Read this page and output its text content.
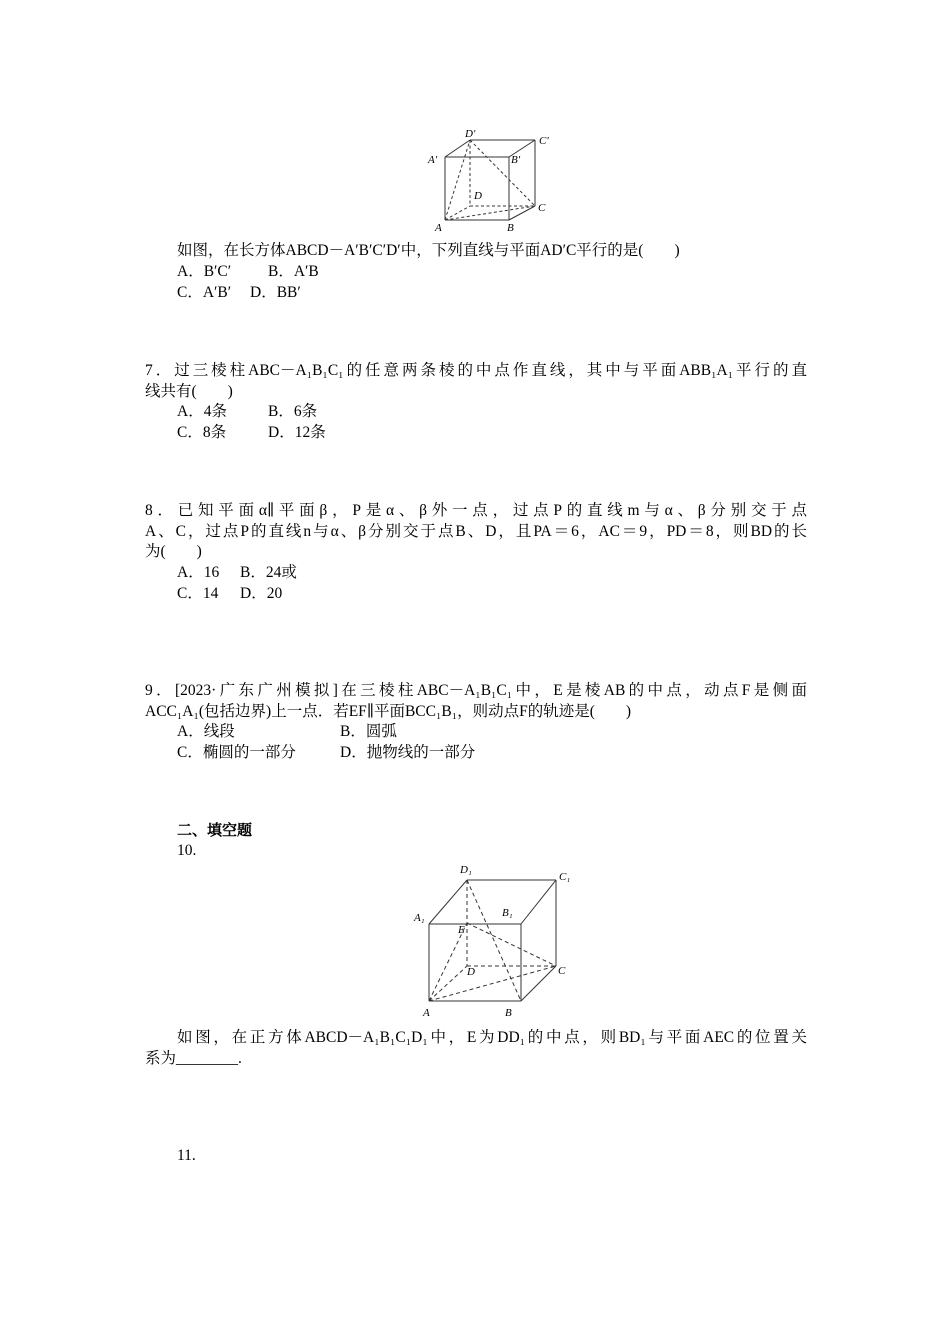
D′
C′
A′	B′
D
C
A	B
如图，在长方体ABCD－A′B′C′D′中，下列直线与平面AD′C平行的是(　　)
A．B′C′ B．A′B
C．A′B′ D．BB′
7．过三棱柱ABC－A₁B₁C₁的任意两条棱的中点作直线，其中与平面ABB₁A₁平行的直
线共有(　　)
A．4条	B．6条
C．8条	D．12条
8．已知平面α∥平面β，P是α、β外一点，过点P的直线m与α、β分别交于点
A、C，过点P的直线n与α、β分别交于点B、D，且PA＝6，AC＝9，PD＝8，则BD的长
为(　　)
A．16 B．24或
C．14 D．20
9．[2023·广东广州模拟]在三棱柱ABC－A₁B₁C₁中，E是棱AB的中点，动点F是侧面
ACC₁A₁(包括边界)上一点．若EF∥平面BCC₁B₁，则动点F的轨迹是(　　)
A．线段	B．圆弧
C．椭圆的一部分	D．抛物线的一部分
二、填空题
10.
D₁
C₁
A₁	B₁
E
D	C
A	B
如图，在正方体ABCD－A₁B₁C₁D₁中，E为DD₁的中点，则BD₁与平面AEC的位置关
系为________.
11.
